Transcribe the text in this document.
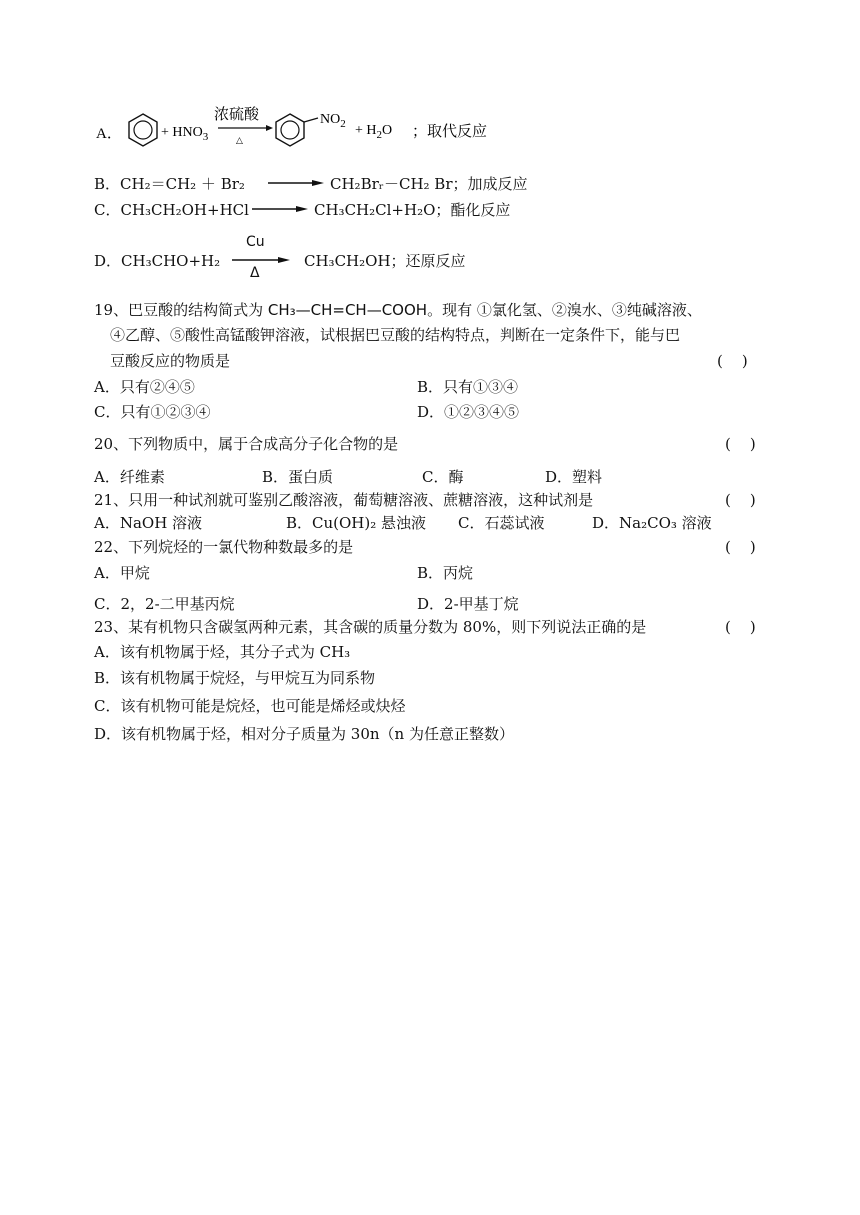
A．	+ $HNO_3$
浓硫酸
△
$NO_2 + H_2O$ ；取代反应
B．CH₂＝CH₂ ＋ Br₂ → CH₂Brᵣ－CH₂ Br；加成反应
C．CH₃CH₂OH+HCl → CH₃CH₂Cl+H₂O；酯化反应
D．CH₃CHO+H₂
Cu
Δ
CH₃CH₂OH；还原反应
19、巴豆酸的结构简式为 CH₃—CH=CH—COOH。现有 ①氯化氢、②溴水、③纯碱溶液、
④乙醇、⑤酸性高锰酸钾溶液，试根据巴豆酸的结构特点，判断在一定条件下，能与巴
豆酸反应的物质是	(    )
A．只有②④⑤	B．只有①③④
C．只有①②③④	D．①②③④⑤
20、下列物质中，属于合成高分子化合物的是	(    )
A．纤维素	B．蛋白质	C．酶	D．塑料
21、只用一种试剂就可鉴别乙酸溶液，葡萄糖溶液、蔗糖溶液，这种试剂是	(    )
A．NaOH 溶液	B．Cu(OH)₂ 悬浊液 C．石蕊试液	D．Na₂CO₃ 溶液
22、下列烷烃的一氯代物种数最多的是	(    )
A．甲烷	B．丙烷
C．2，2-二甲基丙烷	D．2-甲基丁烷
23、某有机物只含碳氢两种元素，其含碳的质量分数为 80%，则下列说法正确的是	(    )
A．该有机物属于烃，其分子式为 CH₃
B．该有机物属于烷烃，与甲烷互为同系物
C．该有机物可能是烷烃，也可能是烯烃或炔烃
D．该有机物属于烃，相对分子质量为 30n（n 为任意正整数）
